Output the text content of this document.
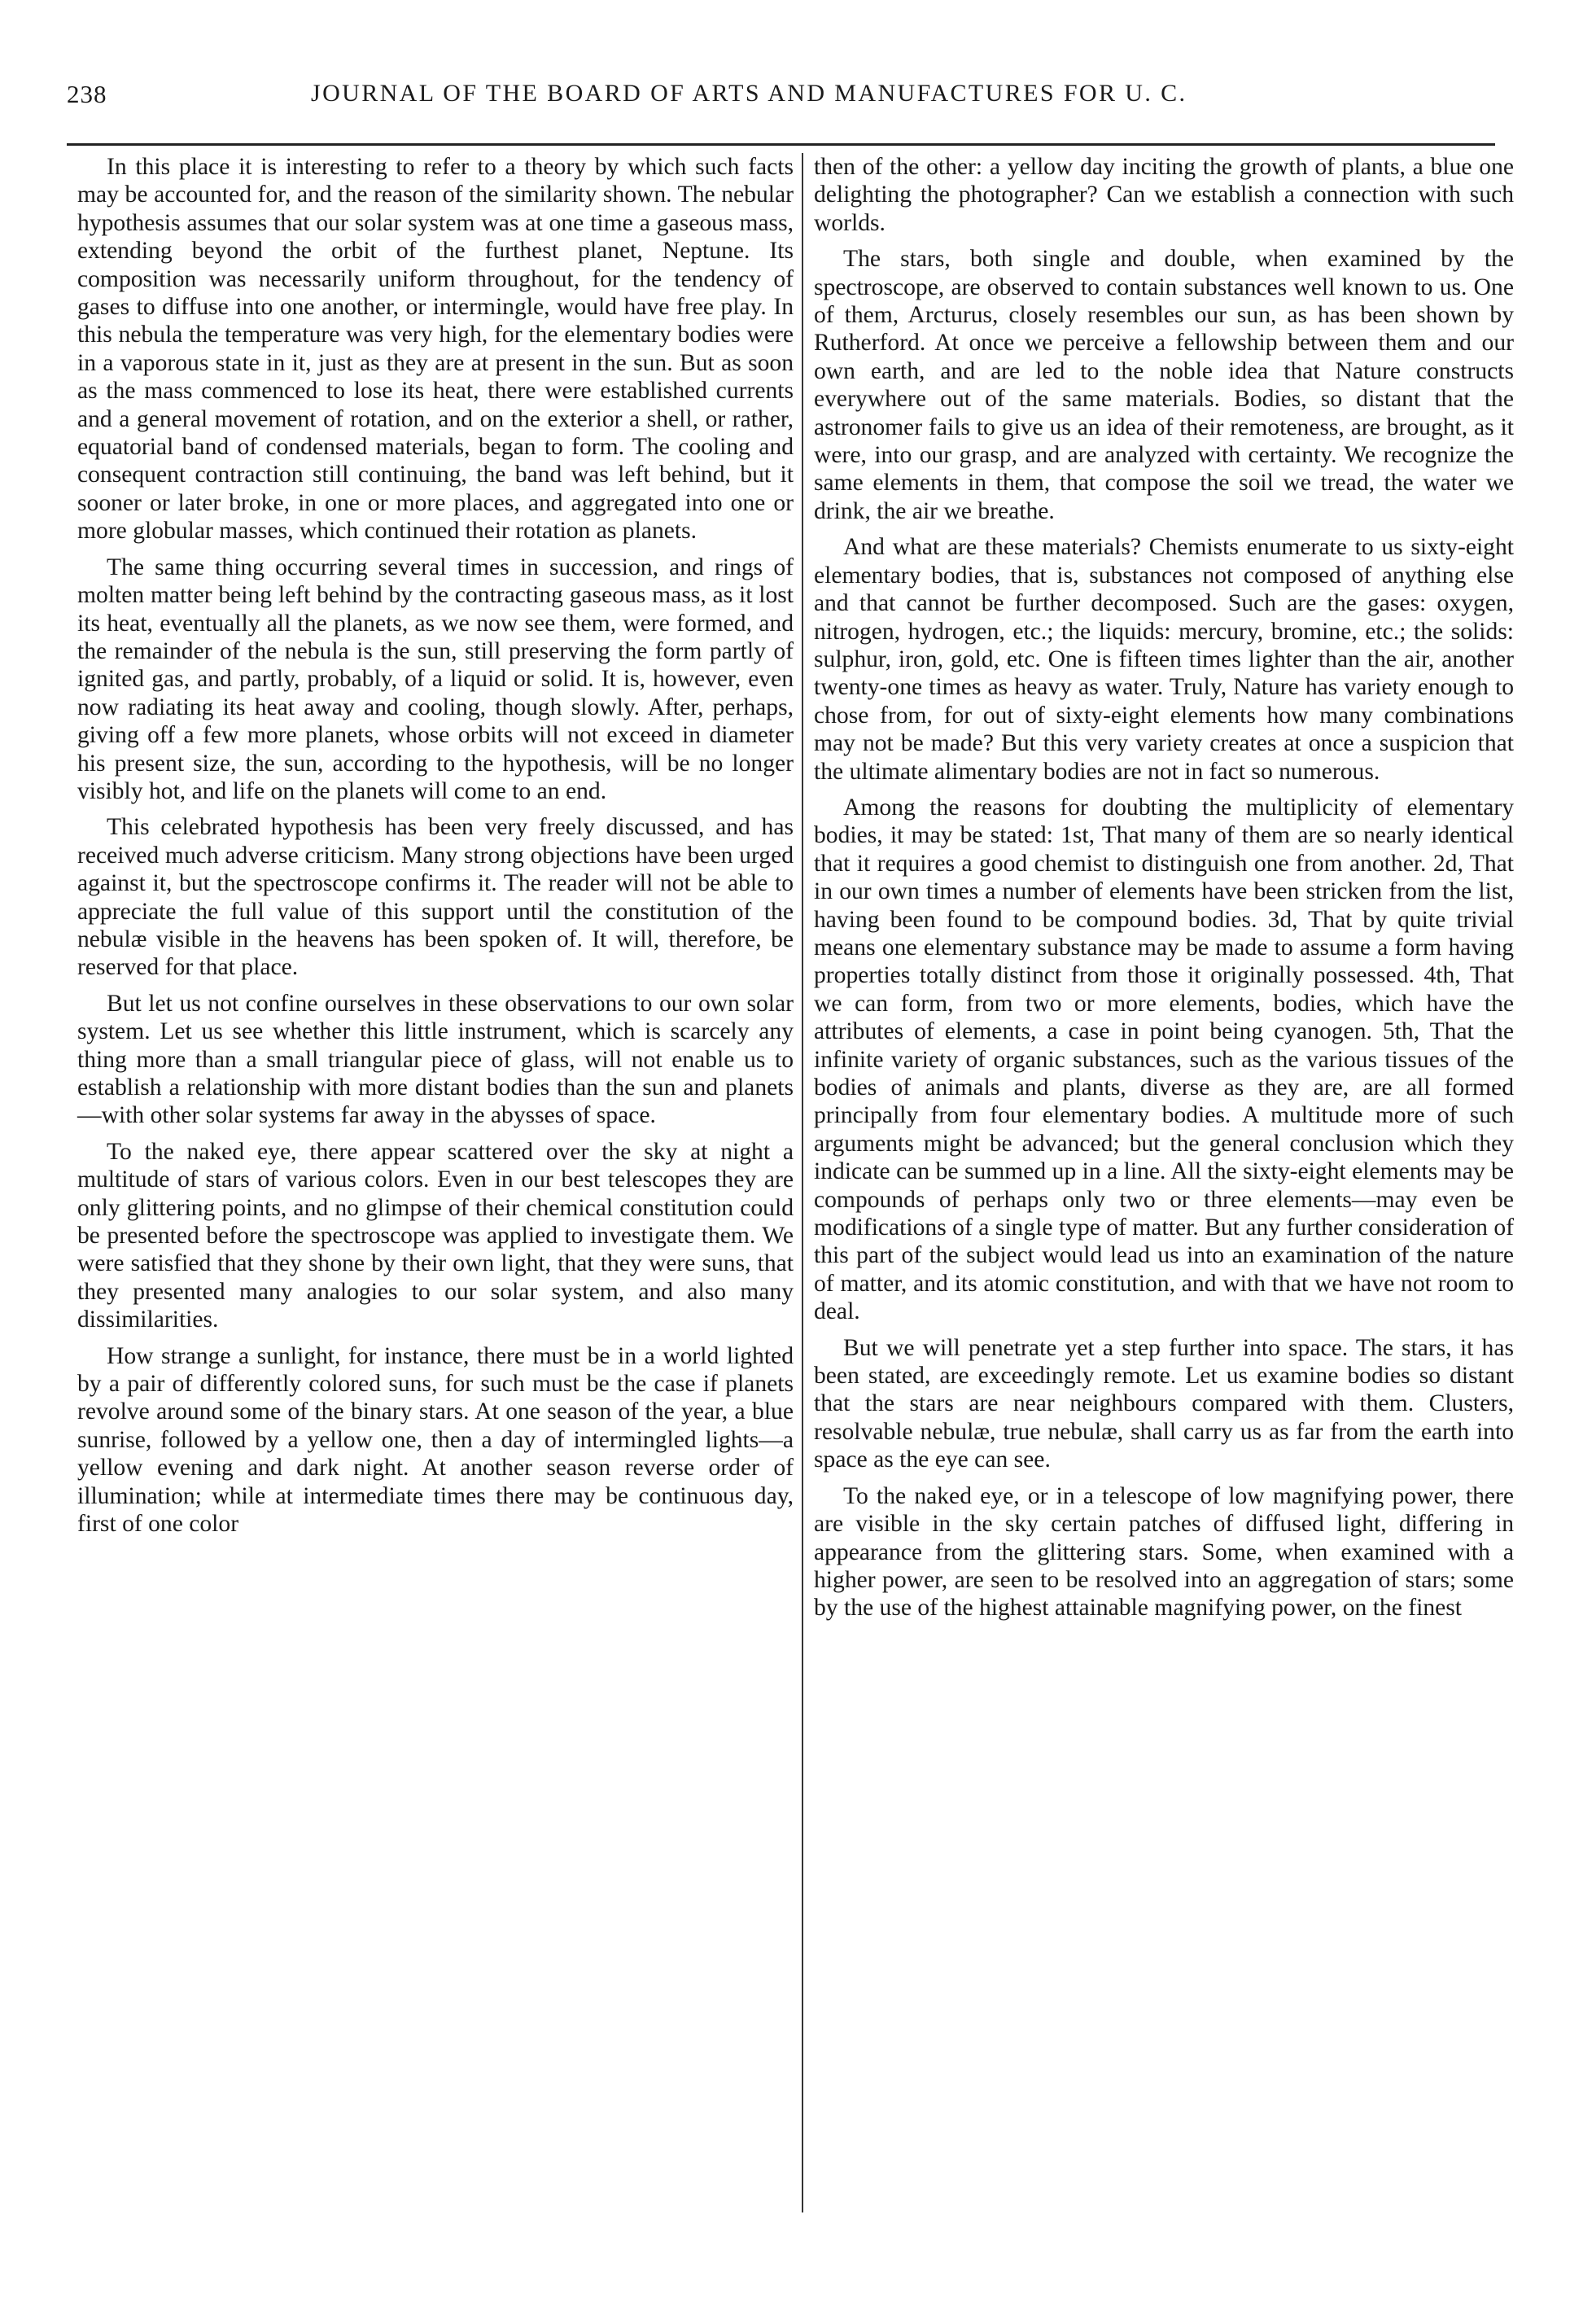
238	JOURNAL OF THE BOARD OF ARTS AND MANUFACTURES FOR U. C.

In this place it is interesting to refer to a theory by which such facts may be accounted for, and the reason of the similarity shown. The nebular hypothesis assumes that our solar system was at one time a gaseous mass, extending beyond the orbit of the furthest planet, Neptune. Its composition was necessarily uniform throughout, for the tendency of gases to diffuse into one another, or intermingle, would have free play. In this nebula the temperature was very high, for the elementary bodies were in a vaporous state in it, just as they are at present in the sun. But as soon as the mass commenced to lose its heat, there were established currents and a general movement of rotation, and on the exterior a shell, or rather, equatorial band of condensed materials, began to form. The cooling and consequent contraction still continuing, the band was left behind, but it sooner or later broke, in one or more places, and aggregated into one or more globular masses, which continued their rotation as planets.

The same thing occurring several times in succession, and rings of molten matter being left behind by the contracting gaseous mass, as it lost its heat, eventually all the planets, as we now see them, were formed, and the remainder of the nebula is the sun, still preserving the form partly of ignited gas, and partly, probably, of a liquid or solid. It is, however, even now radiating its heat away and cooling, though slowly. After, perhaps, giving off a few more planets, whose orbits will not exceed in diameter his present size, the sun, according to the hypothesis, will be no longer visibly hot, and life on the planets will come to an end.

This celebrated hypothesis has been very freely discussed, and has received much adverse criticism. Many strong objections have been urged against it, but the spectroscope confirms it. The reader will not be able to appreciate the full value of this support until the constitution of the nebulæ visible in the heavens has been spoken of. It will, therefore, be reserved for that place.

But let us not confine ourselves in these observations to our own solar system. Let us see whether this little instrument, which is scarcely any thing more than a small triangular piece of glass, will not enable us to establish a relationship with more distant bodies than the sun and planets—with other solar systems far away in the abysses of space.

To the naked eye, there appear scattered over the sky at night a multitude of stars of various colors. Even in our best telescopes they are only glittering points, and no glimpse of their chemical constitution could be presented before the spectroscope was applied to investigate them. We were satisfied that they shone by their own light, that they were suns, that they presented many analogies to our solar system, and also many dissimilarities.

How strange a sunlight, for instance, there must be in a world lighted by a pair of differently colored suns, for such must be the case if planets revolve around some of the binary stars. At one season of the year, a blue sunrise, followed by a yellow one, then a day of intermingled lights—a yellow evening and dark night. At another season reverse order of illumination; while at intermediate times there may be continuous day, first of one color

then of the other: a yellow day inciting the growth of plants, a blue one delighting the photographer? Can we establish a connection with such worlds.

The stars, both single and double, when examined by the spectroscope, are observed to contain substances well known to us. One of them, Arcturus, closely resembles our sun, as has been shown by Rutherford. At once we perceive a fellowship between them and our own earth, and are led to the noble idea that Nature constructs everywhere out of the same materials. Bodies, so distant that the astronomer fails to give us an idea of their remoteness, are brought, as it were, into our grasp, and are analyzed with certainty. We recognize the same elements in them, that compose the soil we tread, the water we drink, the air we breathe.

And what are these materials? Chemists enumerate to us sixty-eight elementary bodies, that is, substances not composed of anything else and that cannot be further decomposed. Such are the gases: oxygen, nitrogen, hydrogen, etc.; the liquids: mercury, bromine, etc.; the solids: sulphur, iron, gold, etc. One is fifteen times lighter than the air, another twenty-one times as heavy as water. Truly, Nature has variety enough to chose from, for out of sixty-eight elements how many combinations may not be made? But this very variety creates at once a suspicion that the ultimate alimentary bodies are not in fact so numerous.

Among the reasons for doubting the multiplicity of elementary bodies, it may be stated: 1st, That many of them are so nearly identical that it requires a good chemist to distinguish one from another. 2d, That in our own times a number of elements have been stricken from the list, having been found to be compound bodies. 3d, That by quite trivial means one elementary substance may be made to assume a form having properties totally distinct from those it originally possessed. 4th, That we can form, from two or more elements, bodies, which have the attributes of elements, a case in point being cyanogen. 5th, That the infinite variety of organic substances, such as the various tissues of the bodies of animals and plants, diverse as they are, are all formed principally from four elementary bodies. A multitude more of such arguments might be advanced; but the general conclusion which they indicate can be summed up in a line. All the sixty-eight elements may be compounds of perhaps only two or three elements—may even be modifications of a single type of matter. But any further consideration of this part of the subject would lead us into an examination of the nature of matter, and its atomic constitution, and with that we have not room to deal.

But we will penetrate yet a step further into space. The stars, it has been stated, are exceedingly remote. Let us examine bodies so distant that the stars are near neighbours compared with them. Clusters, resolvable nebulæ, true nebulæ, shall carry us as far from the earth into space as the eye can see.

To the naked eye, or in a telescope of low magnifying power, there are visible in the sky certain patches of diffused light, differing in appearance from the glittering stars. Some, when examined with a higher power, are seen to be resolved into an aggregation of stars; some by the use of the highest attainable magnifying power, on the finest
